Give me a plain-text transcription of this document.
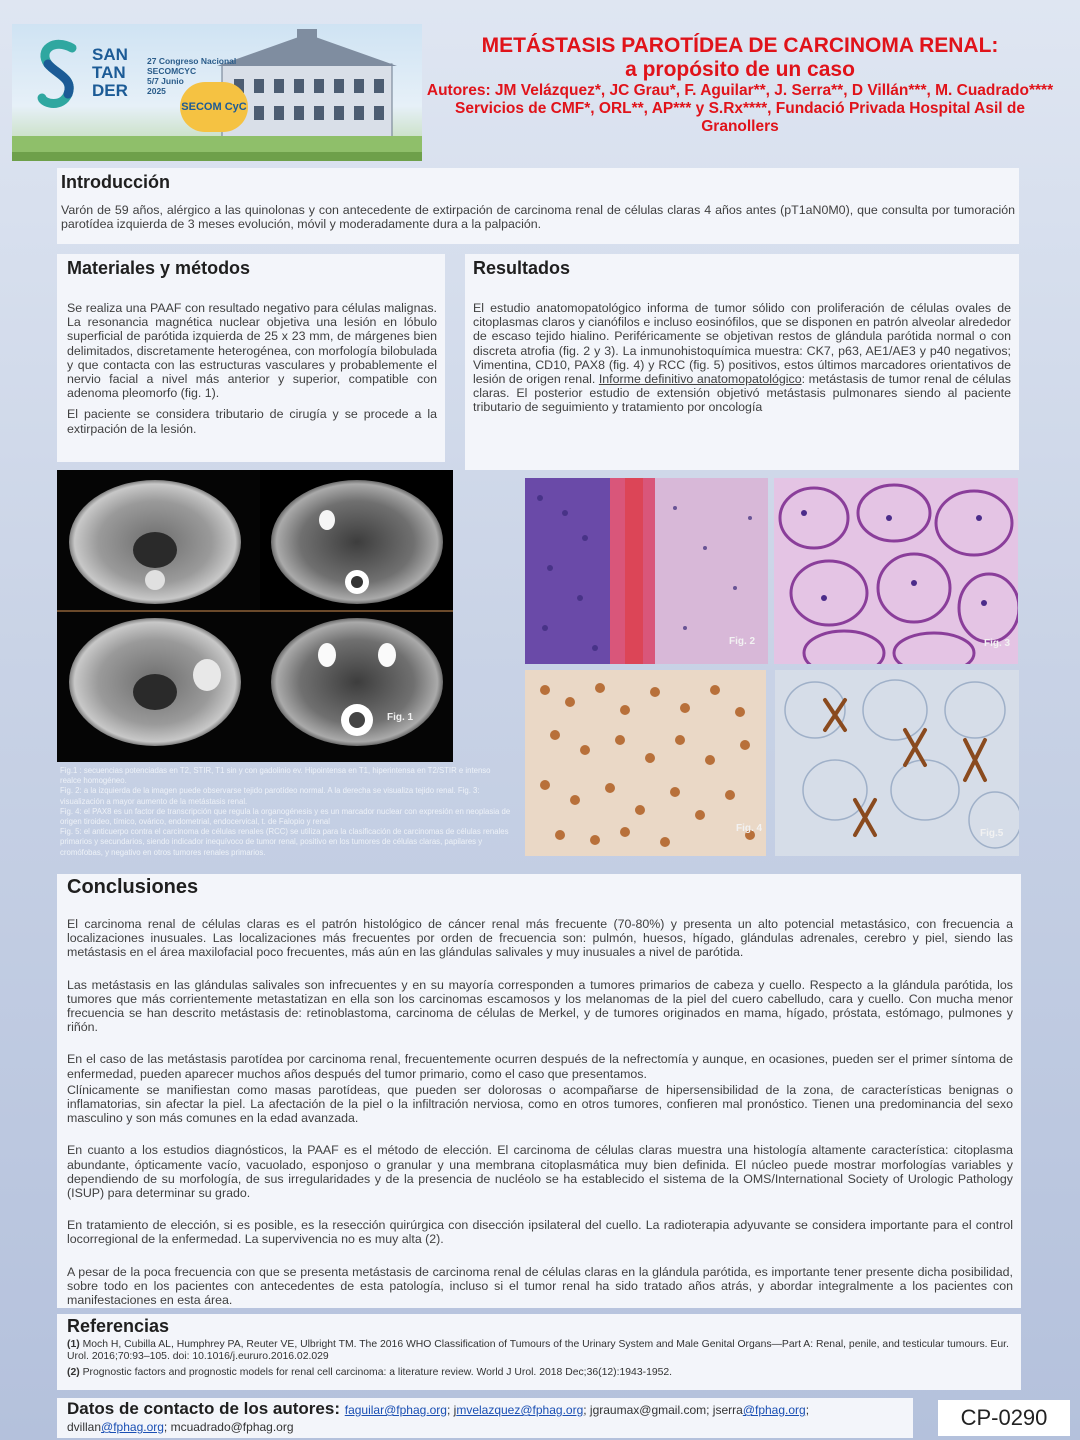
SAN
TAN
DER
27 Congreso Nacional
SECOMCYC
5/7 Junio
2025
SECOM CyC
METÁSTASIS PAROTÍDEA DE CARCINOMA RENAL:
a propósito de un caso
Autores: JM Velázquez*, JC Grau*, F. Aguilar**, J. Serra**, D Villán***, M. Cuadrado****
Servicios de CMF*, ORL**, AP*** y S.Rx****, Fundació Privada Hospital Asil de Granollers
Introducción
Varón de 59 años, alérgico a las quinolonas y con antecedente de extirpación de carcinoma renal de células claras 4 años antes (pT1aN0M0), que consulta por tumoración parotídea izquierda de 3 meses evolución, móvil y moderadamente dura a la palpación.
Materiales y métodos
Se realiza una PAAF con resultado negativo para células malignas. La resonancia magnética nuclear objetiva una lesión en lóbulo superficial de parótida izquierda de 25 x 23 mm, de márgenes bien delimitados, discretamente heterogénea, con morfología bilobulada y que contacta con las estructuras vasculares y probablemente el nervio facial a nivel más anterior y superior, compatible con adenoma pleomorfo (fig. 1).
El paciente se considera tributario de cirugía y se procede a la extirpación de la lesión.
Resultados
El estudio anatomopatológico informa de tumor sólido con proliferación de células ovales de citoplasmas claros y cianófilos e incluso eosinófilos, que se disponen en patrón alveolar alrededor de escaso tejido hialino. Periféricamente se objetivan restos de glándula parótida normal o con discreta atrofia (fig. 2 y 3). La inmunohistoquímica muestra: CK7, p63, AE1/AE3 y p40 negativos; Vimentina, CD10, PAX8 (fig. 4) y RCC (fig. 5) positivos, estos últimos marcadores orientativos de lesión de origen renal. Informe definitivo anatomopatológico: metástasis de tumor renal de células claras. El posterior estudio de extensión objetivó metástasis pulmonares siendo al paciente tributario de seguimiento y tratamiento por oncología
Fig. 1
Fig.1 : secuencias potenciadas en T2, STIR, T1 sin y con gadolinio ev. Hipointensa en T1, hiperintensa en T2/STIR e intenso realce homogéneo.
Fig. 2: a la izquierda de la imagen puede observarse tejido parotídeo normal. A la derecha se visualiza tejido renal. Fig. 3: visualización a mayor aumento de la metástasis renal.
Fig. 4: el PAX8 es un factor de transcripción que regula la organogénesis y es un marcador nuclear con expresión en neoplasia de origen tiroideo, tímico, ovárico, endometrial, endocervical, t. de Falopio y renal
Fig. 5: el anticuerpo contra el carcinoma de células renales (RCC) se utiliza para la clasificación de carcinomas de células renales primarios y secundarios, siendo indicador inequívoco de tumor renal, positivo en los tumores de células claras, papilares y cromófobas, y negativo en otros tumores renales primarios.
Fig. 2	Fig. 3
Fig. 4	Fig.5
Conclusiones
El carcinoma renal de células claras es el patrón histológico de cáncer renal más frecuente (70-80%) y presenta un alto potencial metastásico, con frecuencia a localizaciones inusuales. Las localizaciones más frecuentes por orden de frecuencia son: pulmón, huesos, hígado, glándulas adrenales, cerebro y piel, siendo las metástasis en el área maxilofacial poco frecuentes, más aún en las glándulas salivales y muy inusuales a nivel de parótida.
Las metástasis en las glándulas salivales son infrecuentes y en su mayoría corresponden a tumores primarios de cabeza y cuello. Respecto a la glándula parótida, los tumores que más corrientemente metastatizan en ella son los carcinomas escamosos y los melanomas de la piel del cuero cabelludo, cara y cuello. Con mucha menor frecuencia se han descrito metástasis de: retinoblastoma, carcinoma de células de Merkel, y de tumores originados en mama, hígado, próstata, estómago, pulmones y riñón.
En el caso de las metástasis parotídea por carcinoma renal, frecuentemente ocurren después de la nefrectomía y aunque, en ocasiones, pueden ser el primer síntoma de enfermedad, pueden aparecer muchos años después del tumor primario, como el caso que presentamos.
Clínicamente se manifiestan como masas parotídeas, que pueden ser dolorosas o acompañarse de hipersensibilidad de la zona, de características benignas o inflamatorias, sin afectar la piel. La afectación de la piel o la infiltración nerviosa, como en otros tumores, confieren mal pronóstico. Tienen una predominancia del sexo masculino y son más comunes en la edad avanzada.
En cuanto a los estudios diagnósticos, la PAAF es el método de elección. El carcinoma de células claras muestra una histología altamente característica: citoplasma abundante, ópticamente vacío, vacuolado, esponjoso o granular y una membrana citoplasmática muy bien definida. El núcleo puede mostrar morfologías variables y dependiendo de su morfología, de sus irregularidades y de la presencia de nucléolo se ha establecido el sistema de la OMS/International Society of Urologic Pathology (ISUP) para determinar su grado.
En tratamiento de elección, si es posible, es la resección quirúrgica con disección ipsilateral del cuello. La radioterapia adyuvante se considera importante para el control locorregional de la enfermedad. La supervivencia no es muy alta (2).
A pesar de la poca frecuencia con que se presenta metástasis de carcinoma renal de células claras en la glándula parótida, es importante tener presente dicha posibilidad, sobre todo en los pacientes con antecedentes de esta patología, incluso si el tumor renal ha sido tratado años atrás, y abordar integralmente a los pacientes con manifestaciones en esta área.
Referencias
(1) Moch H, Cubilla AL, Humphrey PA, Reuter VE, Ulbright TM. The 2016 WHO Classification of Tumours of the Urinary System and Male Genital Organs—Part A: Renal, penile, and testicular tumours. Eur. Urol. 2016;70:93–105. doi: 10.1016/j.eururo.2016.02.029
(2) Prognostic factors and prognostic models for renal cell carcinoma: a literature review. World J Urol. 2018 Dec;36(12):1943-1952.
Datos de contacto de los autores: faguilar@fphag.org; jmvelazquez@fphag.org; jgraumax@gmail.com; jserra@fphag.org;
dvillan@fphag.org; mcuadrado@fphag.org	CP-0290
